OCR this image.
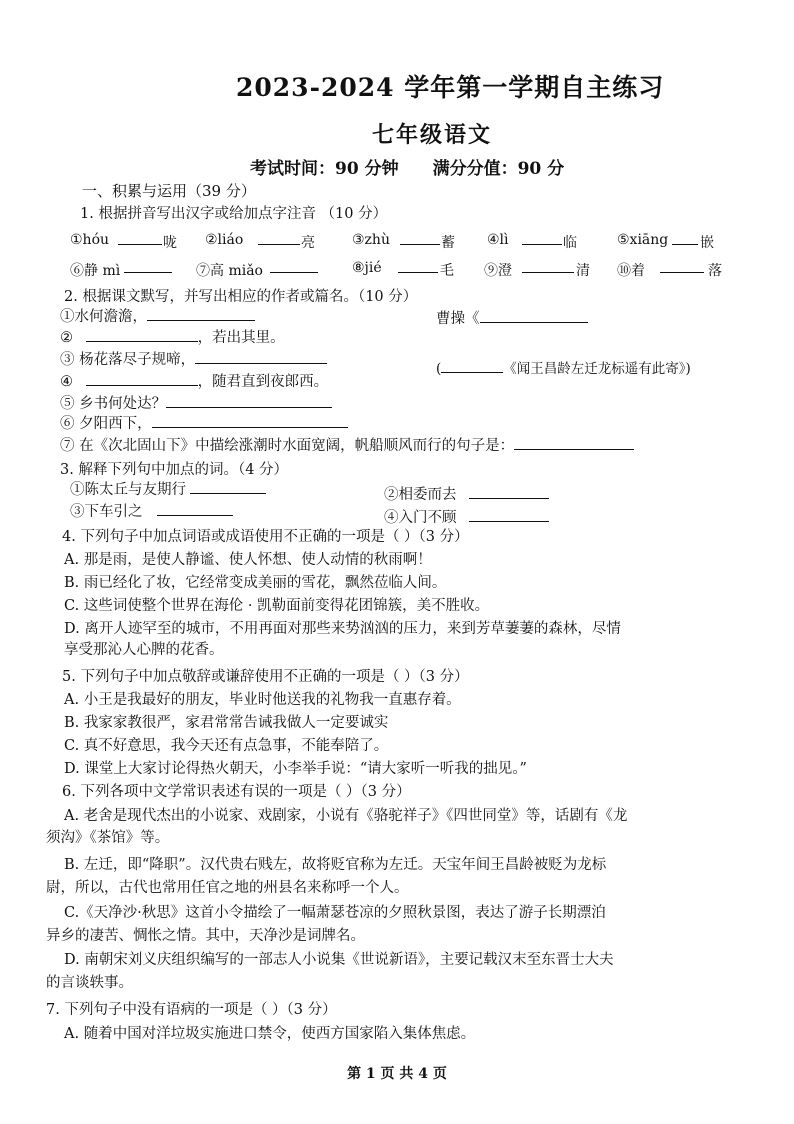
2023-2024 学年第一学期自主练习
七年级语文
考试时间：90 分钟 满分分值：90 分
一、积累与运用（39 分）
1. 根据拼音写出汉字或给加点字注音 （10 分）
①hóu	咙 ②liáo	亮	③zhù	蓄 ④lì	临	⑤xiāng 嵌
⑥静 mì	⑦高 miǎo	⑧jié	毛 ⑨澄	清 ⑩着	落
2. 根据课文默写，并写出相应的作者或篇名。（10 分）
①水何澹澹，	曹操《
②	，若出其里。
③ 杨花落尽子规啼，
(	《闻王昌龄左迁龙标遥有此寄》)
④	，随君直到夜郎西。
⑤ 乡书何处达？
⑥ 夕阳西下，
⑦ 在《次北固山下》中描绘涨潮时水面宽阔，帆船顺风而行的句子是：
3. 解释下列句中加点的词。（4 分）
①陈太丘与友期行	②相委而去
③下车引之	④入门不顾
4. 下列句子中加点词语或成语使用不正确的一项是（ ）（3 分）
A. 那是雨，是使人静谧、使人怀想、使人动情的秋雨啊！
B. 雨已经化了妆，它经常变成美丽的雪花，飘然莅临人间。
C. 这些词使整个世界在海伦 · 凯勒面前变得花团锦簇，美不胜收。
D. 离开人迹罕至的城市，不用再面对那些来势汹汹的压力，来到芳草萋萋的森林，尽情
享受那沁人心脾的花香。
5. 下列句子中加点敬辞或谦辞使用不正确的一项是（ ）（3 分）
A. 小王是我最好的朋友，毕业时他送我的礼物我一直惠存着。
B. 我家家教很严，家君常常告诫我做人一定要诚实
C. 真不好意思，我今天还有点急事，不能奉陪了。
D. 课堂上大家讨论得热火朝天，小李举手说：“请大家听一听我的拙见。”
6. 下列各项中文学常识表述有误的一项是（ ）（3 分）
A. 老舍是现代杰出的小说家、戏剧家，小说有《骆驼祥子》《四世同堂》等，话剧有《龙
须沟》《茶馆》等。
B. 左迁，即“降职”。汉代贵右贱左，故将贬官称为左迁。天宝年间王昌龄被贬为龙标
尉，所以，古代也常用任官之地的州县名来称呼一个人。
C.《天净沙·秋思》这首小令描绘了一幅萧瑟苍凉的夕照秋景图，表达了游子长期漂泊
异乡的凄苦、惆怅之情。其中，天净沙是词牌名。
D. 南朝宋刘义庆组织编写的一部志人小说集《世说新语》，主要记载汉末至东晋士大夫
的言谈轶事。
7. 下列句子中没有语病的一项是（ ）（3 分）
A. 随着中国对洋垃圾实施进口禁令，使西方国家陷入集体焦虑。
第 1 页 共 4 页
